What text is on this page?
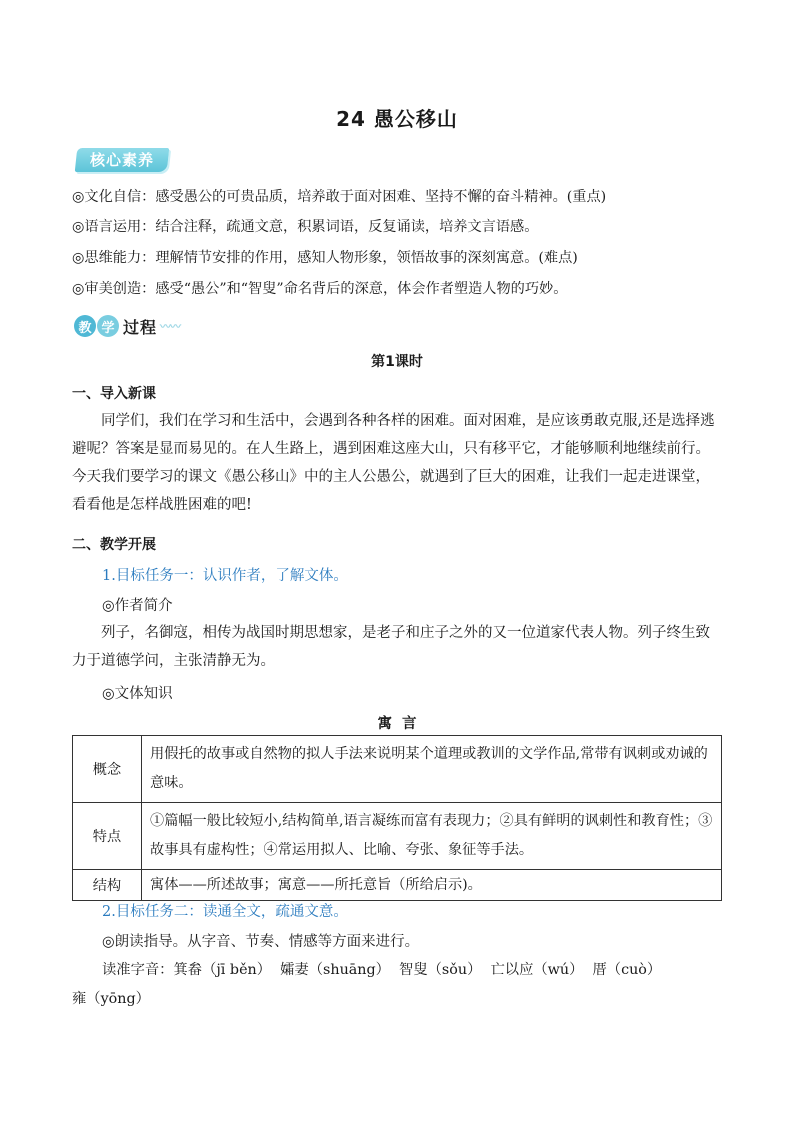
24 愚公移山
核心素养
◎文化自信：感受愚公的可贵品质，培养敢于面对困难、坚持不懈的奋斗精神。(重点)
◎语言运用：结合注释，疏通文意，积累词语，反复诵读，培养文言语感。
◎思维能力：理解情节安排的作用，感知人物形象，领悟故事的深刻寓意。(难点)
◎审美创造：感受“愚公”和“智叟”命名背后的深意，体会作者塑造人物的巧妙。
教 学 过程 〰〰
第1课时
一、导入新课
同学们，我们在学习和生活中，会遇到各种各样的困难。面对困难，是应该勇敢克服,还是选择逃避呢？答案是显而易见的。在人生路上，遇到困难这座大山，只有移平它，才能够顺利地继续前行。今天我们要学习的课文《愚公移山》中的主人公愚公，就遇到了巨大的困难，让我们一起走进课堂，看看他是怎样战胜困难的吧!
二、教学开展
1.目标任务一：认识作者，了解文体。
◎作者简介
列子，名御寇，相传为战国时期思想家，是老子和庄子之外的又一位道家代表人物。列子终生致力于道德学问，主张清静无为。
◎文体知识
寓  言
概念	用假托的故事或自然物的拟人手法来说明某个道理或教训的文学作品,常带有讽刺或劝诫的意味。
特点	①篇幅一般比较短小,结构简单,语言凝练而富有表现力；②具有鲜明的讽刺性和教育性；③故事具有虚构性；④常运用拟人、比喻、夸张、象征等手法。
结构	寓体——所述故事；寓意——所托意旨（所给启示)。
2.目标任务二：读通全文，疏通文意。
◎朗读指导。从字音、节奏、情感等方面来进行。
读准字音：箕畚（jī běn）  孀妻（shuāng）  智叟（sǒu）  亡以应（wú）  厝（cuò）
雍（yōng）
